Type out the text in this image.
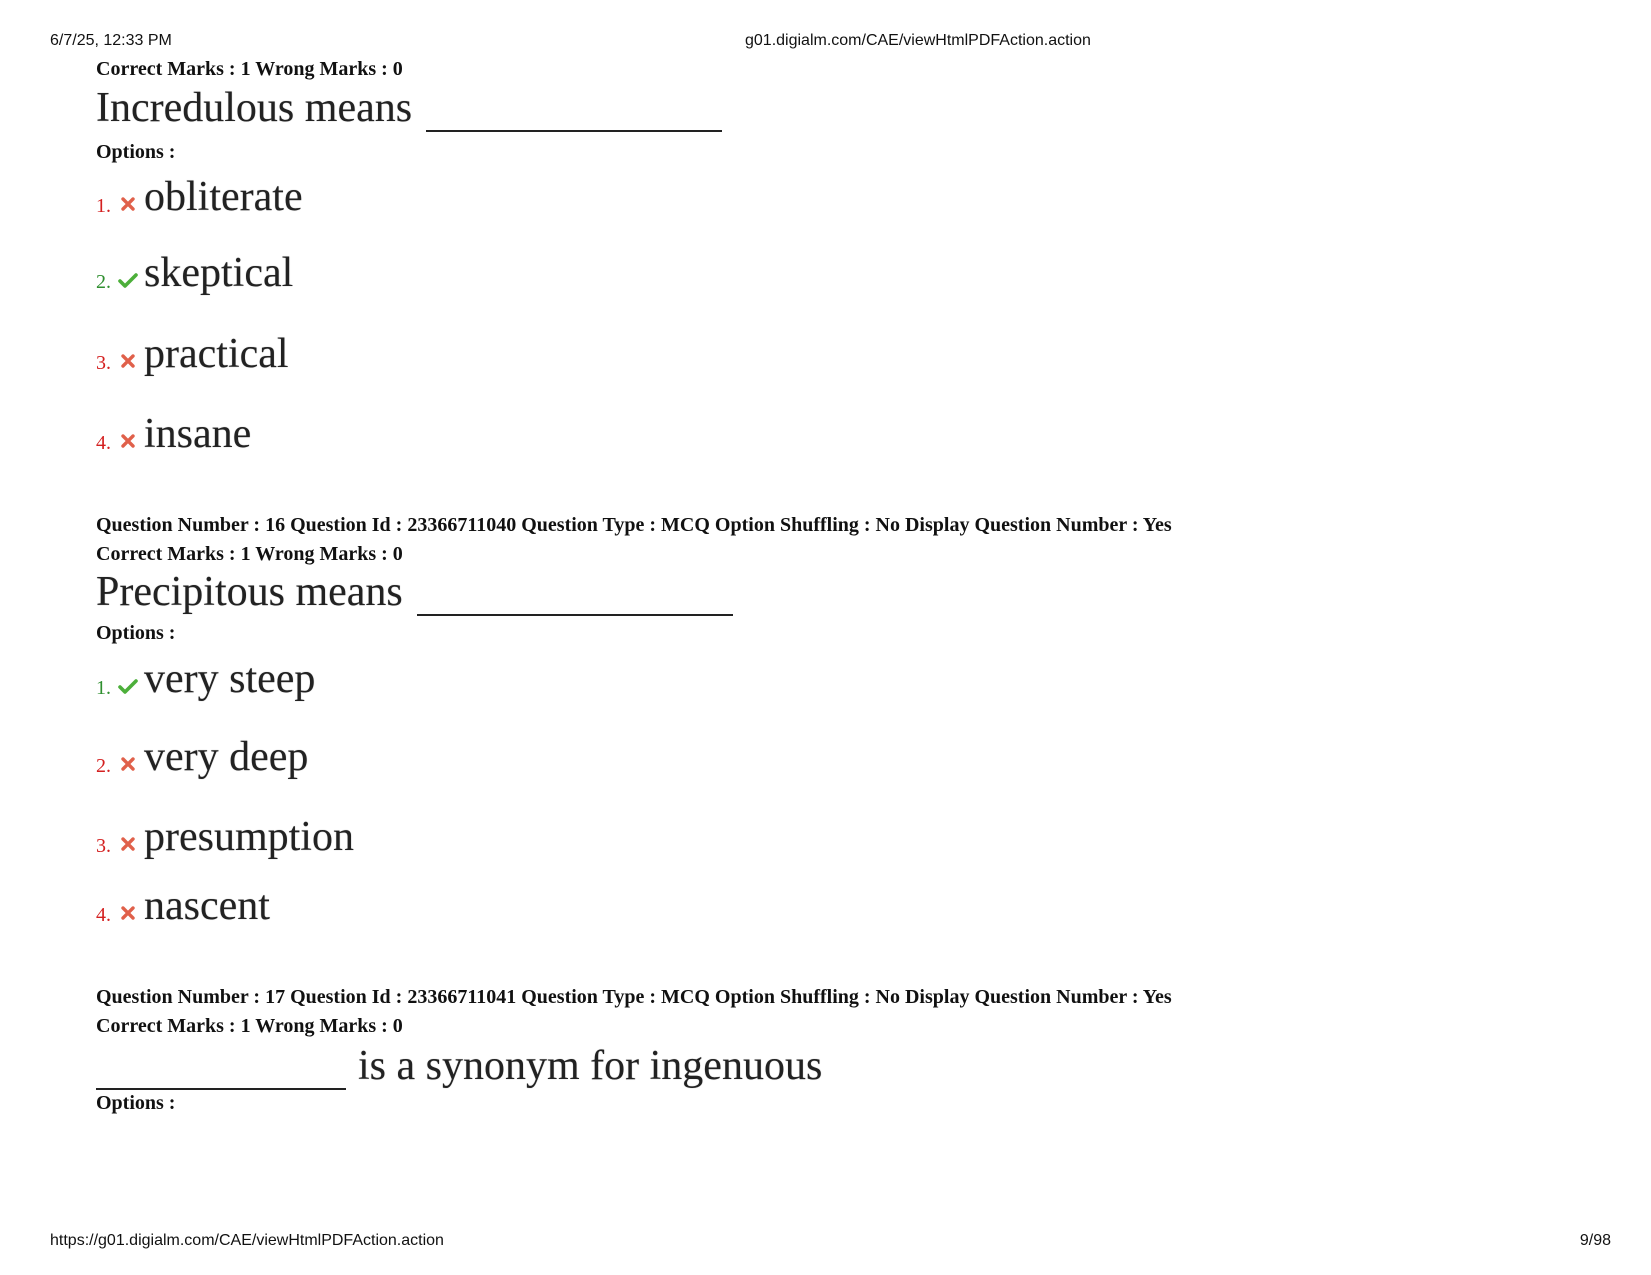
6/7/25, 12:33 PM	g01.digialm.com/CAE/viewHtmlPDFAction.action
Correct Marks : 1 Wrong Marks : 0
Incredulous means
Options :
1. obliterate
2. skeptical
3. practical
4. insane
Question Number : 16 Question Id : 23366711040 Question Type : MCQ Option Shuffling : No Display Question Number : Yes
Correct Marks : 1 Wrong Marks : 0
Precipitous means
Options :
1. very steep
2. very deep
3. presumption
4. nascent
Question Number : 17 Question Id : 23366711041 Question Type : MCQ Option Shuffling : No Display Question Number : Yes
Correct Marks : 1 Wrong Marks : 0
is a synonym for ingenuous
Options :
https://g01.digialm.com/CAE/viewHtmlPDFAction.action	9/98
